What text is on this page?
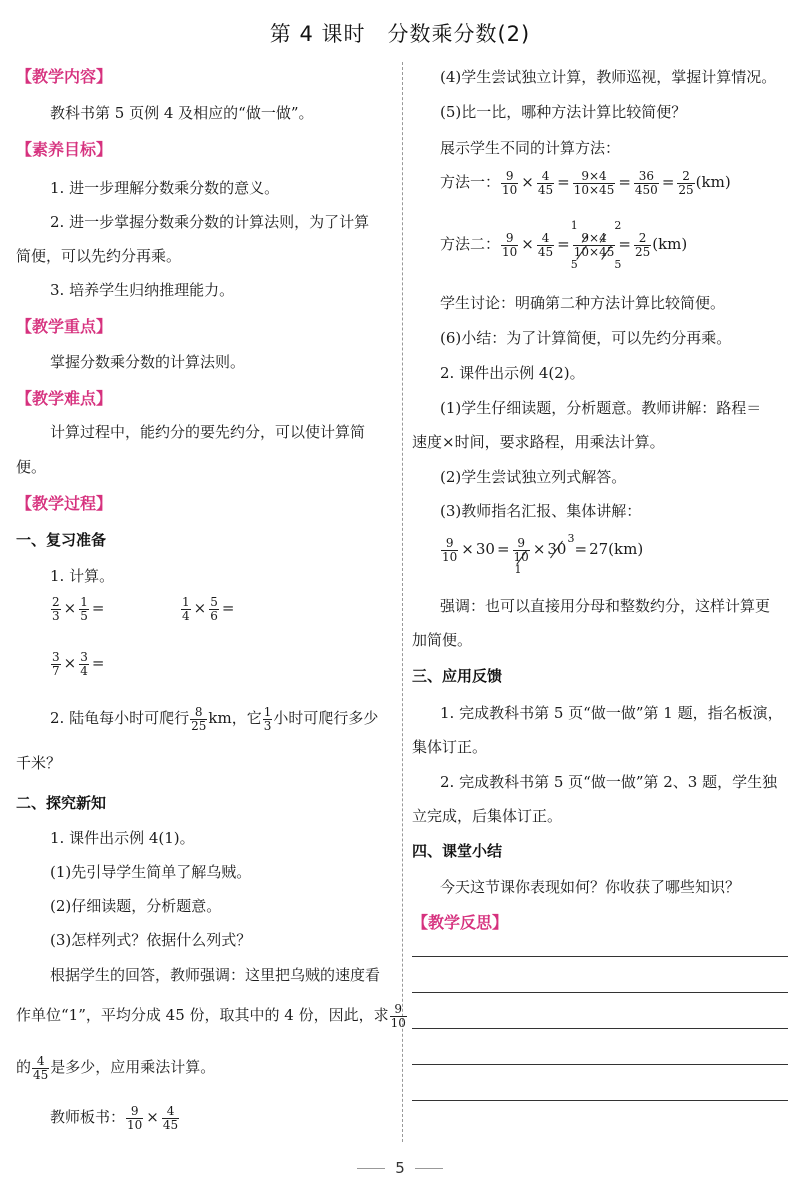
第 4 课时　分数乘分数(2)
【教学内容】
教科书第 5 页例 4 及相应的“做一做”。
【素养目标】
1. 进一步理解分数乘分数的意义。
2. 进一步掌握分数乘分数的计算法则，为了计算
简便，可以先约分再乘。
3. 培养学生归纳推理能力。
【教学重点】
掌握分数乘分数的计算法则。
【教学难点】
计算过程中，能约分的要先约分，可以使计算简
便。
【教学过程】
一、复习准备
1. 计算。
$\frac{2}{3} \times \frac{1}{5}$ =	$\frac{1}{4} \times \frac{5}{6}$ =
$\frac{3}{7} \times \frac{3}{4}$ =
2. 陆龟每小时可爬行 $\frac{8}{25}$ km，它 $\frac{1}{3}$ 小时可爬行多少
千米？
二、探究新知
1. 课件出示例 4(1)。
(1)先引导学生简单了解乌贼。
(2)仔细读题，分析题意。
(3)怎样列式？依据什么列式？
根据学生的回答，教师强调：这里把乌贼的速度看
作单位“1”，平均分成 45 份，取其中的 4 份，因此，求 $\frac{9}{10}$
的 $\frac{4}{45}$ 是多少，应用乘法计算。
教师板书： $\frac{9}{10} \times \frac{4}{45}$
(4)学生尝试独立计算，教师巡视，掌握计算情况。
(5)比一比，哪种方法计算比较简便？
展示学生不同的计算方法：
方法一： $\frac{9}{10} \times \frac{4}{45} = \frac{9\times 4}{10\times 45} = \frac{36}{450} = \frac{2}{25} (km)$
方法二： $\frac{9}{10} \times \frac{4}{45} = 9\times 4$
10×45
1	2
5	5
= $\frac{2}{25} (km)$
学生讨论：明确第二种方法计算比较简便。
(6)小结：为了计算简便，可以先约分再乘。
2. 课件出示例 4(2)。
(1)学生仔细读题，分析题意。教师讲解：路程＝
速度×时间，要求路程，用乘法计算。
(2)学生尝试独立列式解答。
(3)教师指名汇报、集体讲解：
$\frac{9}{10} \times 30 = 9$
10
1
× 30
3
= 27(km)
强调：也可以直接用分母和整数约分，这样计算更
加简便。
三、应用反馈
1. 完成教科书第 5 页“做一做”第 1 题，指名板演，
集体订正。
2. 完成教科书第 5 页“做一做”第 2、3 题，学生独
立完成，后集体订正。
四、课堂小结
今天这节课你表现如何？你收获了哪些知识？
【教学反思】
5
